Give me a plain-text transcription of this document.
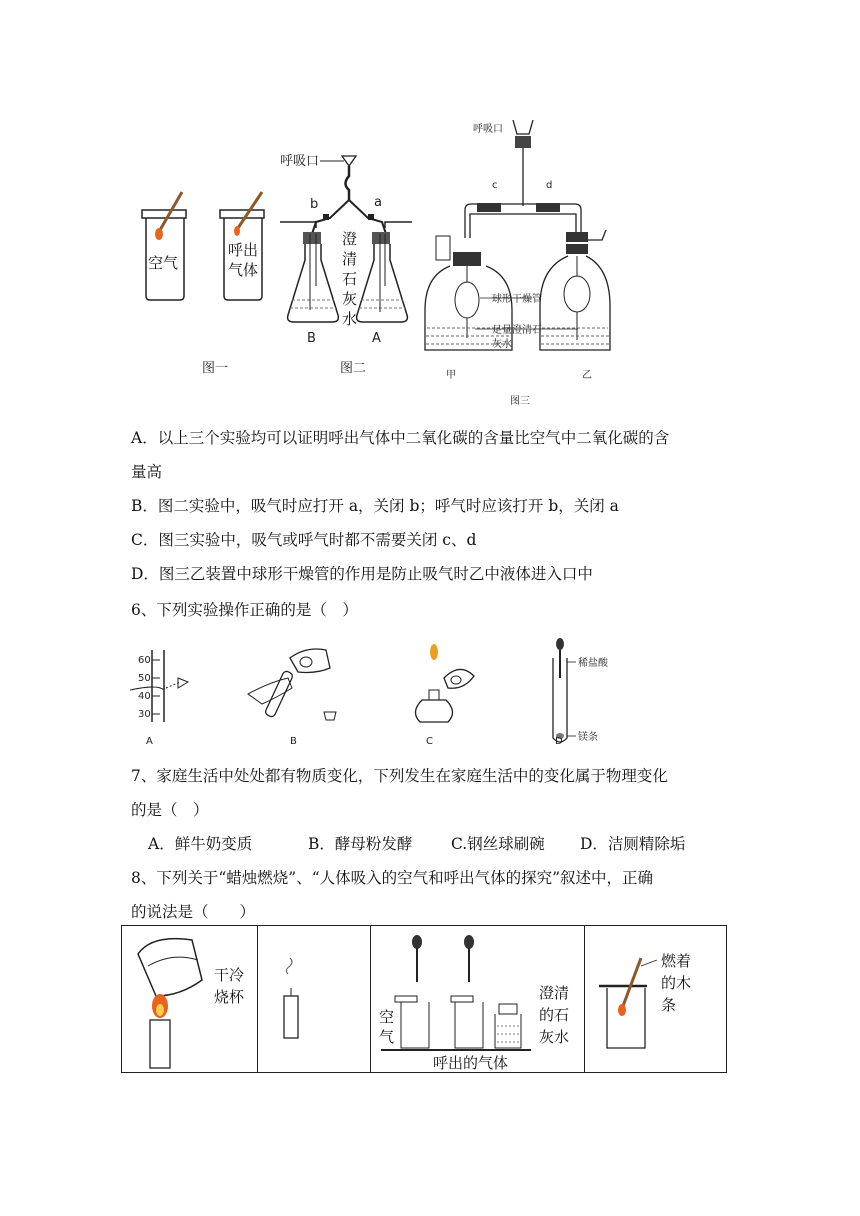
空气
呼出
气体
图一
呼吸口
b	a
澄
清
石
灰
水
B	A
图二
呼吸口
c	d
球形干燥管
足量澄清石
灰水
甲	乙
图三
A．以上三个实验均可以证明呼出气体中二氧化碳的含量比空气中二氧化碳的含
量高
B．图二实验中，吸气时应打开 a，关闭 b；呼气时应该打开 b，关闭 a
C．图三实验中，吸气或呼气时都不需要关闭 c、d
D．图三乙装置中球形干燥管的作用是防止吸气时乙中液体进入口中
6、下列实验操作正确的是（　）
60
50
40
30
稀盐酸
镁条
A	B	C	D
7、家庭生活中处处都有物质变化，下列发生在家庭生活中的变化属于物理变化
的是（　）
A．鲜牛奶变质	B．酵母粉发酵 C.钢丝球刷碗 D．洁厕精除垢
8、下列关于“蜡烛燃烧”、“人体吸入的空气和呼出气体的探究”叙述中，正确
的说法是（　　）
干冷
烧杯
空
气
呼出的气体
澄清
的石
灰水
燃着
的木
条
